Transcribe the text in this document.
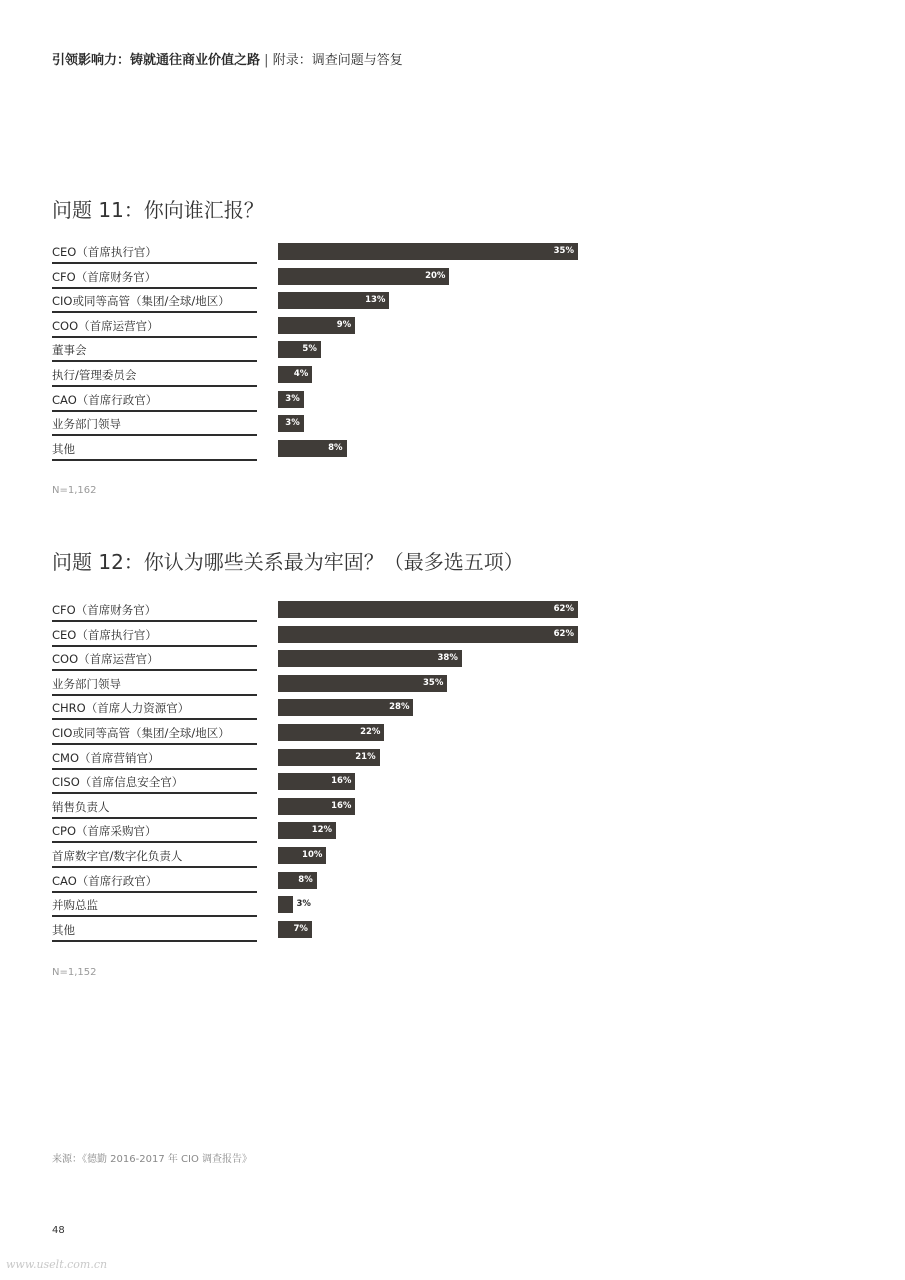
引领影响力：铸就通往商业价值之路 | 附录：调查问题与答复
问题 11：你向谁汇报？
CEO（首席执行官）	35%
CFO（首席财务官）	20%
CIO或同等高管（集团/全球/地区）	13%
COO（首席运营官）	9%
董事会	5%
执行/管理委员会	4%
CAO（首席行政官）	3%
业务部门领导	3%
其他	8%
N=1,162
问题 12：你认为哪些关系最为牢固？（最多选五项）
CFO（首席财务官）	62%
CEO（首席执行官）	62%
COO（首席运营官）	38%
业务部门领导	35%
CHRO（首席人力资源官）	28%
CIO或同等高管（集团/全球/地区）	22%
CMO（首席营销官）	21%
CISO（首席信息安全官）	16%
销售负责人	16%
CPO（首席采购官）	12%
首席数字官/数字化负责人	10%
CAO（首席行政官）	8%
并购总监	3%
其他	7%
N=1,152
来源：《德勤 2016-2017 年 CIO 调查报告》
48
www.uselt.com.cn
